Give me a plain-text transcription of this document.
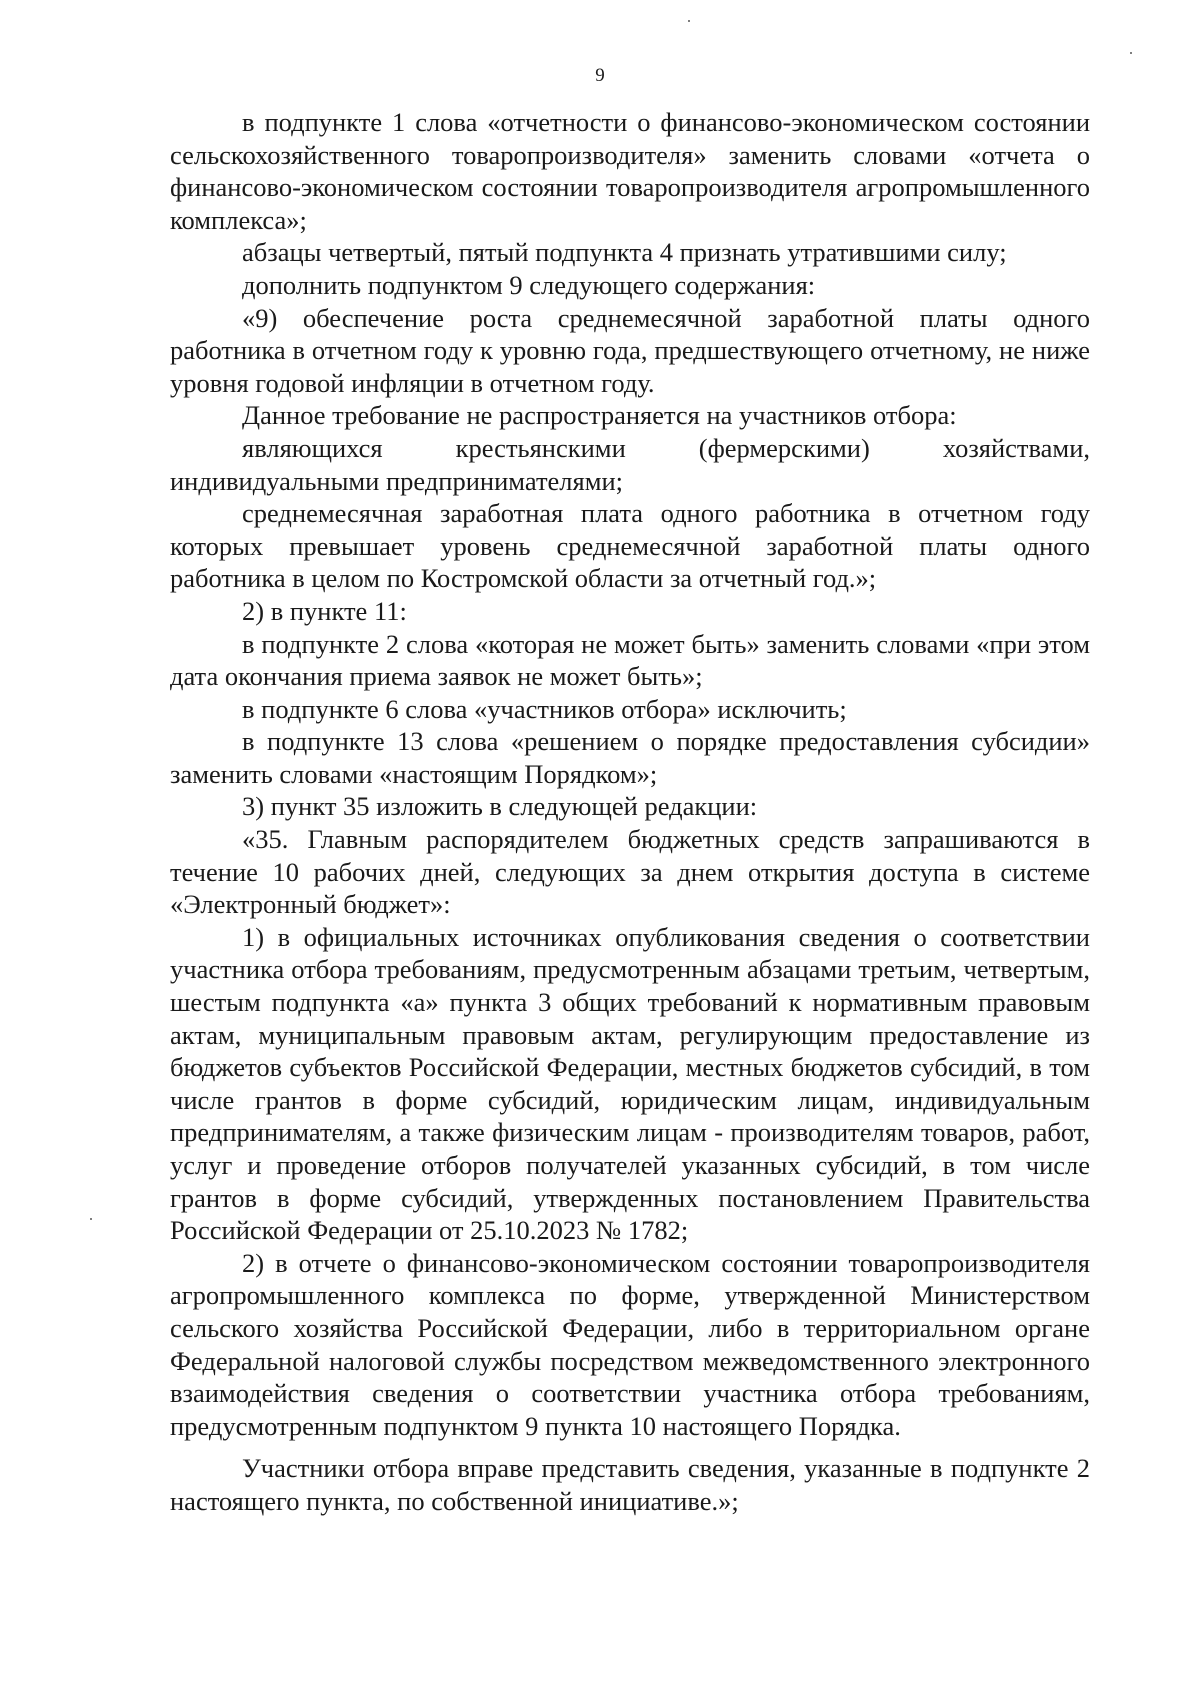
9

в подпункте 1 слова «отчетности о финансово-экономическом состоянии сельскохозяйственного товаропроизводителя» заменить словами «отчета о финансово-экономическом состоянии товаропроизводителя агропромышленного комплекса»;

абзацы четвертый, пятый подпункта 4 признать утратившими силу;

дополнить подпунктом 9 следующего содержания:

«9) обеспечение роста среднемесячной заработной платы одного работника в отчетном году к уровню года, предшествующего отчетному, не ниже уровня годовой инфляции в отчетном году.

Данное требование не распространяется на участников отбора:

являющихся крестьянскими (фермерскими) хозяйствами, индивидуальными предпринимателями;

среднемесячная заработная плата одного работника в отчетном году которых превышает уровень среднемесячной заработной платы одного работника в целом по Костромской области за отчетный год.»;

2) в пункте 11:

в подпункте 2 слова «которая не может быть» заменить словами «при этом дата окончания приема заявок не может быть»;

в подпункте 6 слова «участников отбора» исключить;

в подпункте 13 слова «решением о порядке предоставления субсидии» заменить словами «настоящим Порядком»;

3) пункт 35 изложить в следующей редакции:

«35. Главным распорядителем бюджетных средств запрашиваются в течение 10 рабочих дней, следующих за днем открытия доступа в системе «Электронный бюджет»:

1) в официальных источниках опубликования сведения о соответствии участника отбора требованиям, предусмотренным абзацами третьим, четвертым, шестым подпункта «а» пункта 3 общих требований к нормативным правовым актам, муниципальным правовым актам, регулирующим предоставление из бюджетов субъектов Российской Федерации, местных бюджетов субсидий, в том числе грантов в форме субсидий, юридическим лицам, индивидуальным предпринимателям, а также физическим лицам - производителям товаров, работ, услуг и проведение отборов получателей указанных субсидий, в том числе грантов в форме субсидий, утвержденных постановлением Правительства Российской Федерации от 25.10.2023 № 1782;

2) в отчете о финансово-экономическом состоянии товаропроизводителя агропромышленного комплекса по форме, утвержденной Министерством сельского хозяйства Российской Федерации, либо в территориальном органе Федеральной налоговой службы посредством межведомственного электронного взаимодействия сведения о соответствии участника отбора требованиям, предусмотренным подпунктом 9 пункта 10 настоящего Порядка.

Участники отбора вправе представить сведения, указанные в подпункте 2 настоящего пункта, по собственной инициативе.»;
